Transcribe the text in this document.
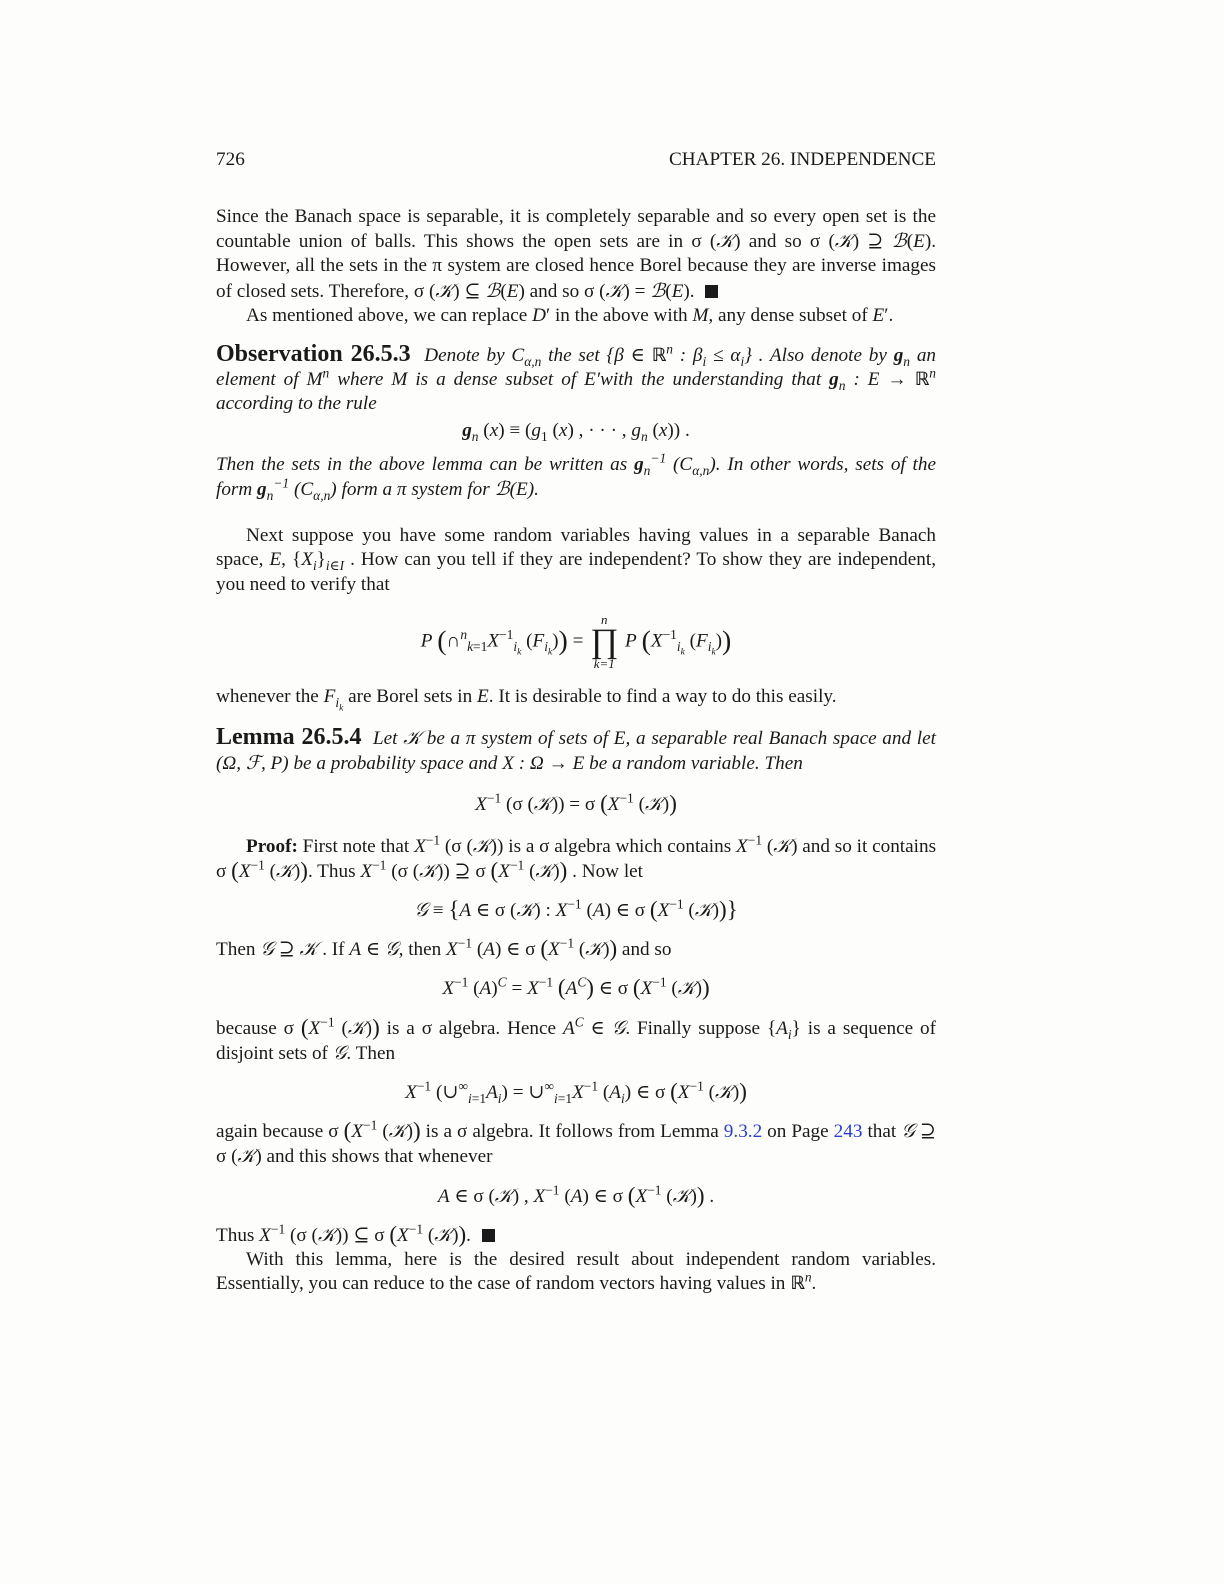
726	CHAPTER 26. INDEPENDENCE

Since the Banach space is separable, it is completely separable and so every open set is the countable union of balls. This shows the open sets are in σ (𝒦) and so σ (𝒦) ⊇ ℬ(E). However, all the sets in the π system are closed hence Borel because they are inverse images of closed sets. Therefore, σ (𝒦) ⊆ ℬ(E) and so σ (𝒦) = ℬ(E).

As mentioned above, we can replace D′ in the above with M, any dense subset of E′.

Observation 26.5.3  Denote by $C_{\alpha,n}$ the set {β ∈ ℝ$^n$ : $\beta_i \le \alpha_i$} . Also denote by $g_n$ an element of $M^n$ where M is a dense subset of E′with the understanding that $g_n$ : E → ℝ$^n$ according to the rule

$g_n$ $(x) \equiv (g_1$ (x) , · · · , $g_n$ (x)) .

Then the sets in the above lemma can be written as $g_n^{-1}$ $(C_{\alpha,n})$. In other words, sets of the form $g_n^{-1}$ $(C_{\alpha,n})$ form a π system for ℬ(E).

Next suppose you have some random variables having values in a separable Banach space, E, $\{X_i\}_{i\in I}$ . How can you tell if they are independent? To show they are independent, you need to verify that

P ($\cap^n_{k=1}X^{-1}_{i_k}$ $(F_{i_k})$) =
n
∏
k=1
P ($X^{-1}_{i_k}$ $(F_{i_k})$)

whenever the $F_{i_k}$ are Borel sets in E. It is desirable to find a way to do this easily.

Lemma 26.5.4  Let 𝒦 be a π system of sets of E, a separable real Banach space and let (Ω, ℱ, P) be a probability space and X : Ω → E be a random variable. Then

$X^{-1}$ (σ (𝒦)) = σ ($X^{-1}$ (𝒦))

Proof: First note that $X^{-1}$ (σ (𝒦)) is a σ algebra which contains $X^{-1}$ (𝒦) and so it contains σ ($X^{-1}$ (𝒦)). Thus $X^{-1}$ (σ (𝒦)) ⊇ σ ($X^{-1}$ (𝒦)) . Now let

𝒢 ≡ {A ∈ σ (𝒦) : $X^{-1}$ (A) ∈ σ ($X^{-1}$ (𝒦))}

Then 𝒢 ⊇ 𝒦 . If A ∈ 𝒢, then $X^{-1}$ (A) ∈ σ ($X^{-1}$ (𝒦)) and so

$X^{-1}$ $(A)^C = X^{-1}$ $(A^C)$ ∈ σ ($X^{-1}$ (𝒦))

because σ ($X^{-1}$ (𝒦)) is a σ algebra. Hence $A^C$ ∈ 𝒢. Finally suppose $\{A_i\}$ is a sequence of disjoint sets of 𝒢. Then

$X^{-1}$ $(\cup^\infty_{i=1}A_i)$ = $\cup^\infty_{i=1}X^{-1}$ $(A_i)$ ∈ σ ($X^{-1}$ (𝒦))

again because σ ($X^{-1}$ (𝒦)) is a σ algebra. It follows from Lemma 9.3.2 on Page 243 that 𝒢 ⊇ σ (𝒦) and this shows that whenever

A ∈ σ (𝒦) , $X^{-1}$ (A) ∈ σ ($X^{-1}$ (𝒦)) .

Thus $X^{-1}$ (σ (𝒦)) ⊆ σ ($X^{-1}$ (𝒦)).

With this lemma, here is the desired result about independent random variables. Essentially, you can reduce to the case of random vectors having values in ℝ$^n$.
